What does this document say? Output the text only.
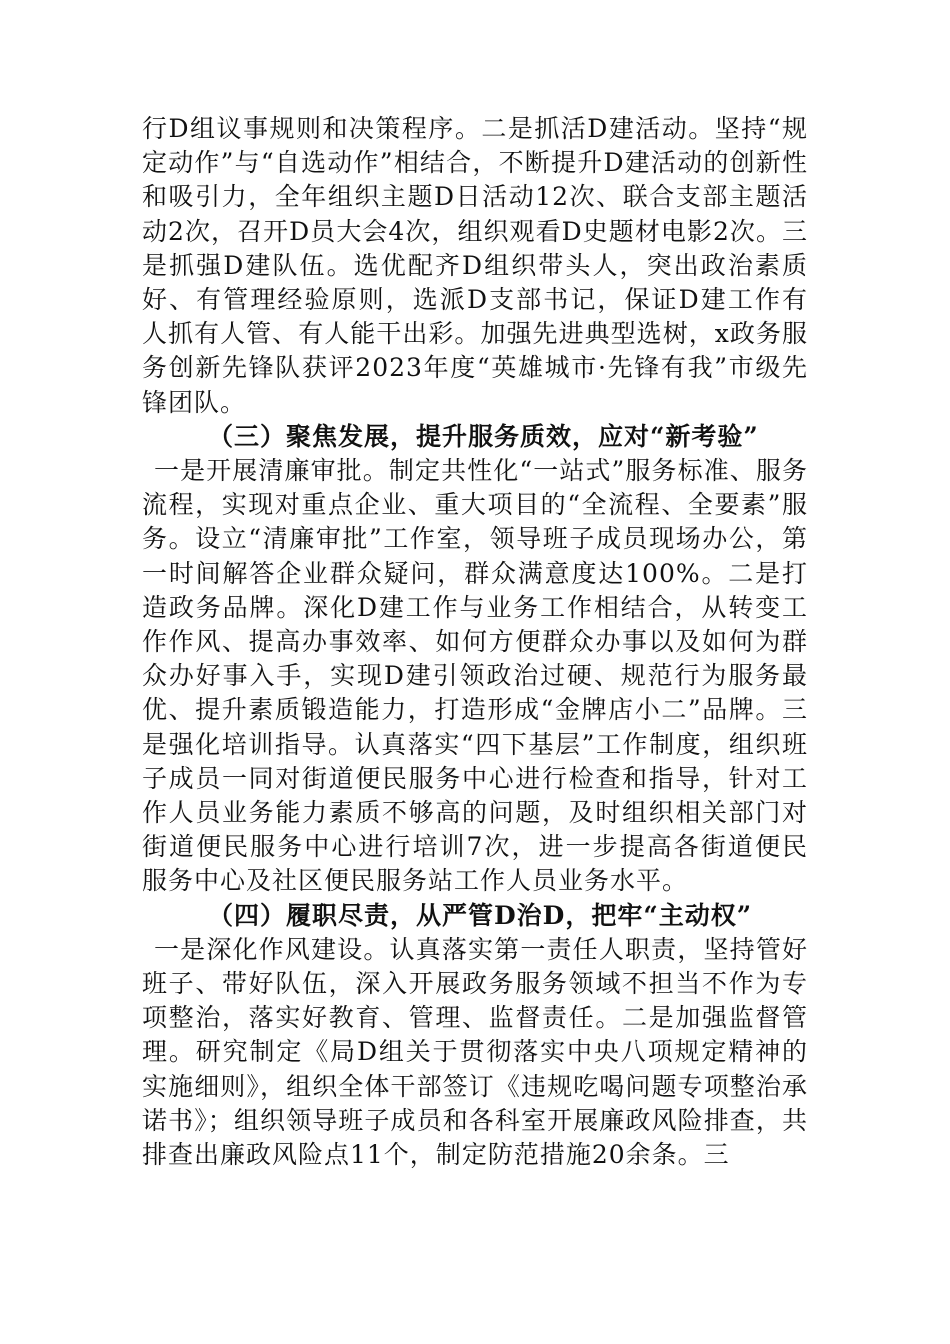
行D组议事规则和决策程序。二是抓活D建活动。坚持“规定动作”与“自选动作”相结合，不断提升D建活动的创新性和吸引力，全年组织主题D日活动12次、联合支部主题活动2次，召开D员大会4次，组织观看D史题材电影2次。三是抓强D建队伍。选优配齐D组织带头人，突出政治素质好、有管理经验原则，选派D支部书记，保证D建工作有人抓有人管、有人能干出彩。加强先进典型选树，x政务服务创新先锋队获评2023年度“英雄城市·先锋有我”市级先锋团队。

（三）聚焦发展，提升服务质效，应对“新考验”

一是开展清廉审批。制定共性化“一站式”服务标准、服务流程，实现对重点企业、重大项目的“全流程、全要素”服务。设立“清廉审批”工作室，领导班子成员现场办公，第一时间解答企业群众疑问，群众满意度达100%。二是打造政务品牌。深化D建工作与业务工作相结合，从转变工作作风、提高办事效率、如何方便群众办事以及如何为群众办好事入手，实现D建引领政治过硬、规范行为服务最优、提升素质锻造能力，打造形成“金牌店小二”品牌。三是强化培训指导。认真落实“四下基层”工作制度，组织班子成员一同对街道便民服务中心进行检查和指导，针对工作人员业务能力素质不够高的问题，及时组织相关部门对街道便民服务中心进行培训7次，进一步提高各街道便民服务中心及社区便民服务站工作人员业务水平。

（四）履职尽责，从严管D治D，把牢“主动权”

一是深化作风建设。认真落实第一责任人职责，坚持管好班子、带好队伍，深入开展政务服务领域不担当不作为专项整治，落实好教育、管理、监督责任。二是加强监督管理。研究制定《局D组关于贯彻落实中央八项规定精神的实施细则》，组织全体干部签订《违规吃喝问题专项整治承诺书》；组织领导班子成员和各科室开展廉政风险排查，共排查出廉政风险点11个，制定防范措施20余条。三
